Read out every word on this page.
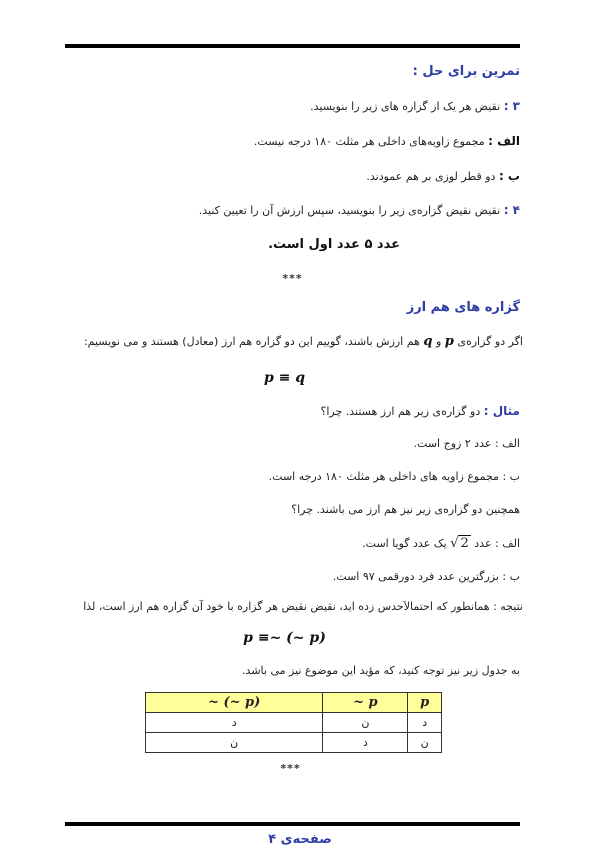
تمرین برای حل :
۳ : نقیض هر یک از گزاره های زیر را بنویسید.
الف : مجموع زاویه‌های داخلی هر مثلث ۱۸۰ درجه نیست.
ب : دو قطر لوزی بر هم عمودند.
۴ : نقیض نقیض گزاره‌ی زیر را بنویسید، سپس ارزش آن را تعیین کنید.
عدد ۵ عدد اول است.
***
گزاره های هم ارز
اگر دو گزاره‌ی p و q هم ارزش باشند، گوییم این دو گزاره هم ارز (معادل) هستند و می نویسیم:
p ≡ q
مثال : دو گزاره‌ی زیر هم ارز هستند. چرا؟
الف : عدد ۲ زوج است.
ب : مجموع زاویه های داخلی هر مثلث ۱۸۰ درجه است.
همچنین دو گزاره‌ی زیر نیز هم ارز می باشند. چرا؟
الف : عدد √ 2 یک عدد گویا است.
ب : بزرگترین عدد فرد دورقمی ۹۷ است.
نتیجه : همانطور که احتمالاَحدس زده اید، نقیض نقیض هر گزاره با خود آن گزاره هم ارز است، لذا
p ≡~ (~ p)
به جدول زیر نیز توجه کنید، که مؤید این موضوع نیز می باشد.
~ (~ p)	~ p	p
د	ن	د
ن	د	ن
***
صفحه‌ی ۴
